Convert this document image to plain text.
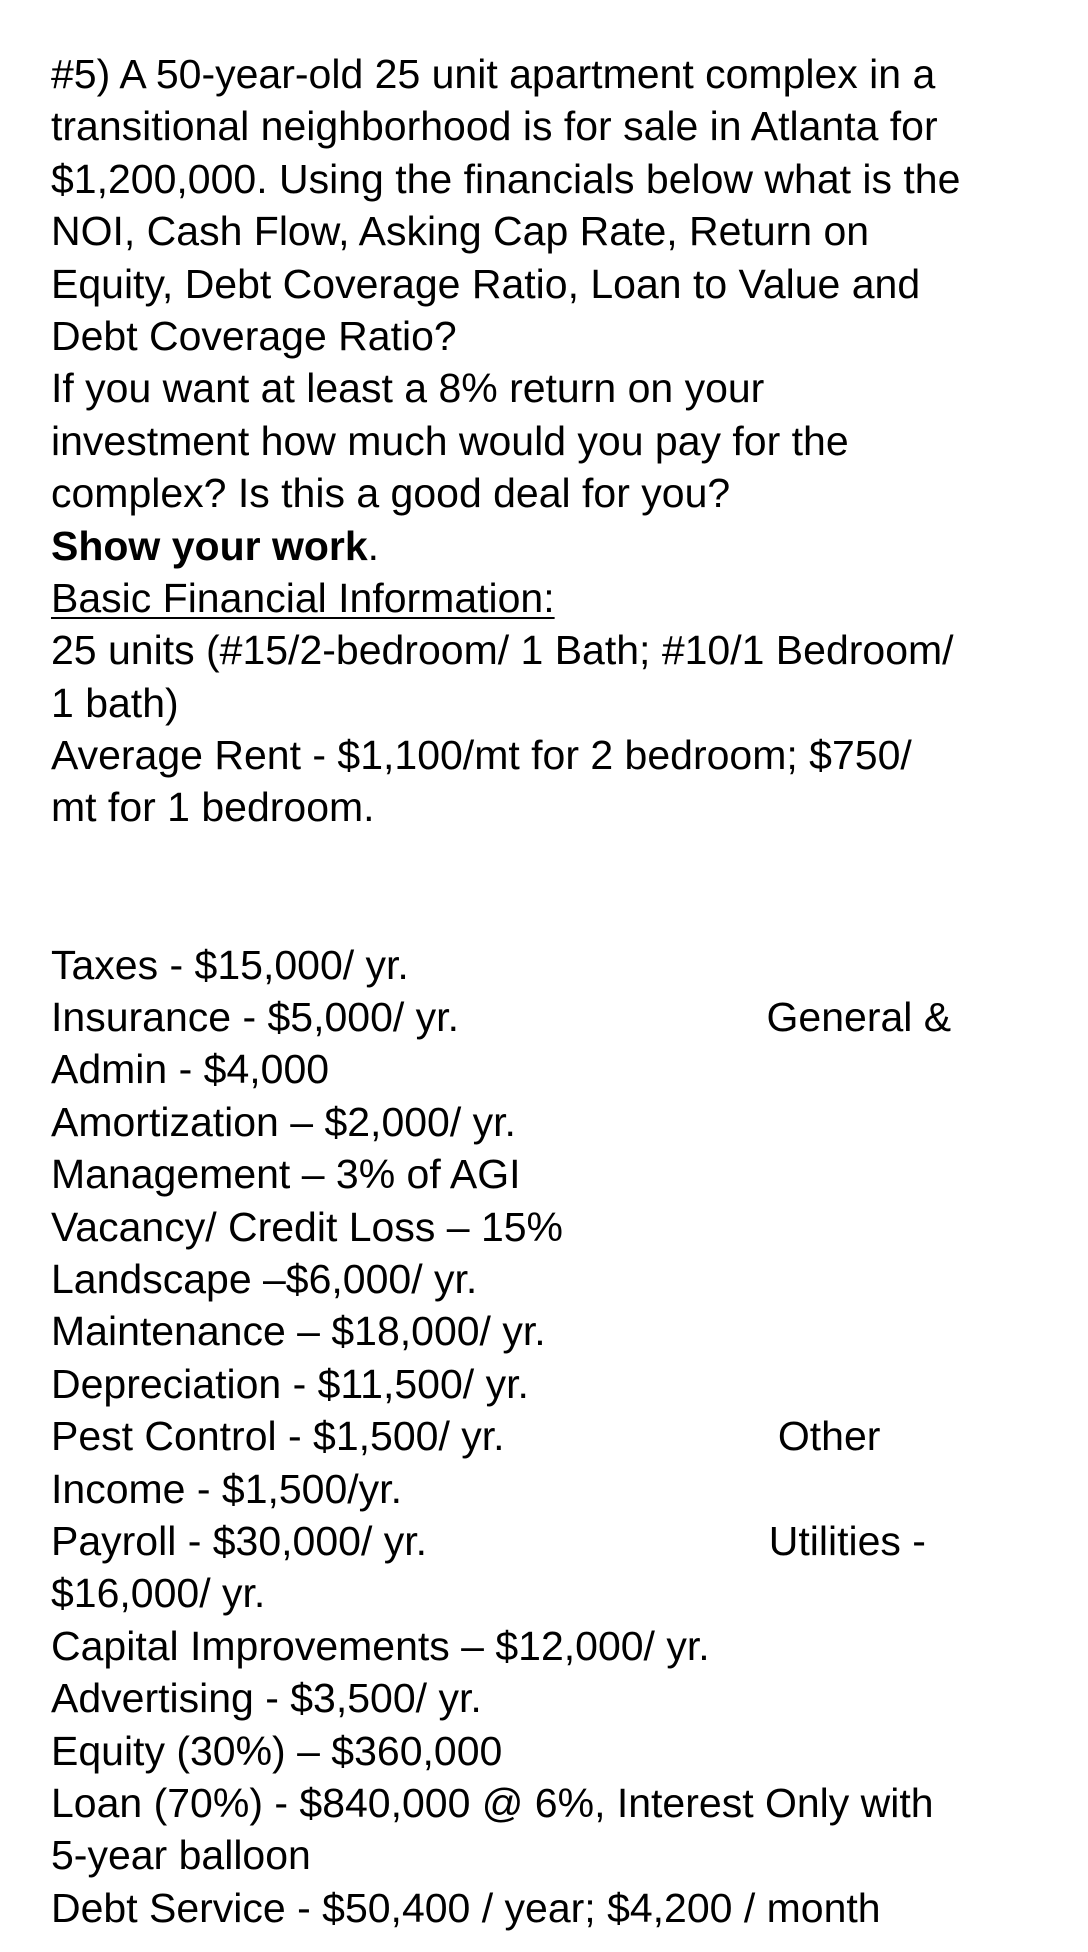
#5) A 50-year-old 25 unit apartment complex in a
transitional neighborhood is for sale in Atlanta for
$1,200,000. Using the financials below what is the
NOI, Cash Flow, Asking Cap Rate, Return on
Equity, Debt Coverage Ratio, Loan to Value and
Debt Coverage Ratio?
If you want at least a 8% return on your
investment how much would you pay for the
complex? Is this a good deal for you?
Show your work.
Basic Financial Information:
25 units (#15/2-bedroom/ 1 Bath; #10/1 Bedroom/
1 bath)
Average Rent - $1,100/mt for 2 bedroom; $750/
mt for 1 bedroom.
Taxes - $15,000/ yr.
Insurance - $5,000/ yr.                           General &
Admin - $4,000
Amortization – $2,000/ yr.
Management – 3% of AGI
Vacancy/ Credit Loss – 15%
Landscape –$6,000/ yr.
Maintenance – $18,000/ yr.
Depreciation - $11,500/ yr.
Pest Control - $1,500/ yr.                        Other
Income - $1,500/yr.
Payroll - $30,000/ yr.                              Utilities -
$16,000/ yr.
Capital Improvements – $12,000/ yr.
Advertising - $3,500/ yr.
Equity (30%) – $360,000
Loan (70%) - $840,000 @ 6%, Interest Only with
5-year balloon
Debt Service - $50,400 / year; $4,200 / month
